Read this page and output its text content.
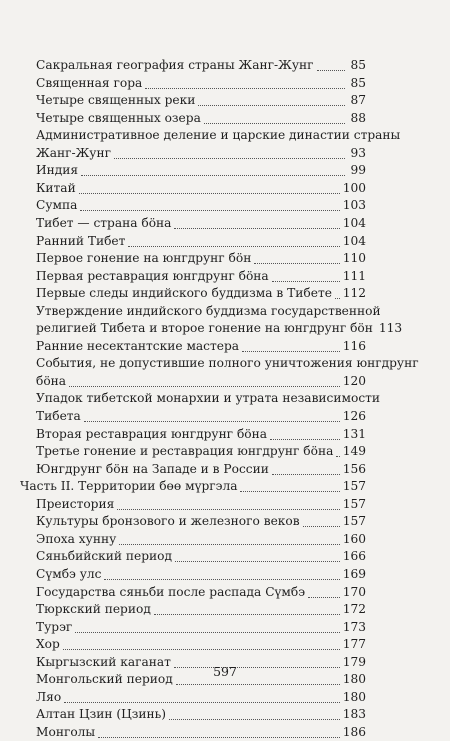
Сакральная география страны Жанг-Жунг	85
Священная гора	85
Четыре священных реки	87
Четыре священных озера	88
Административное деление и царские династии страны
Жанг-Жунг	93
Индия	99
Китай	100
Сумпа	103
Тибет — страна бöна	104
Ранний Тибет	104
Первое гонение на юнгдрунг бöн	110
Первая реставрация юнгдрунг бöна	111
Первые следы индийского буддизма в Тибете 112
Утверждение индийского буддизма государственной
религией Тибета и второе гонение на юнгдрунг бöн 113
Ранние несектантские мастера	116
События, не допустившие полного уничтожения юнгдрунг
бöна	120
Упадок тибетской монархии и утрата независимости
Тибета	126
Вторая реставрация юнгдрунг бöна	131
Третье гонение и реставрация юнгдрунг бöна 149
Юнгдрунг бöн на Западе и в России	156
Часть II. Территории бөө мүргэла	157
Преистория	157
Культуры бронзового и железного веков	157
Эпоха хунну	160
Сяньбийский период	166
Сүмбэ улс	169
Государства сяньби после распада Сүмбэ	170
Тюркский период	172
Турэг	173
Хор	177
Кыргызский каганат	179
Монгольский период	180
Ляо	180
Алтан Цзин (Цзинь)	183
Монголы	186
597
